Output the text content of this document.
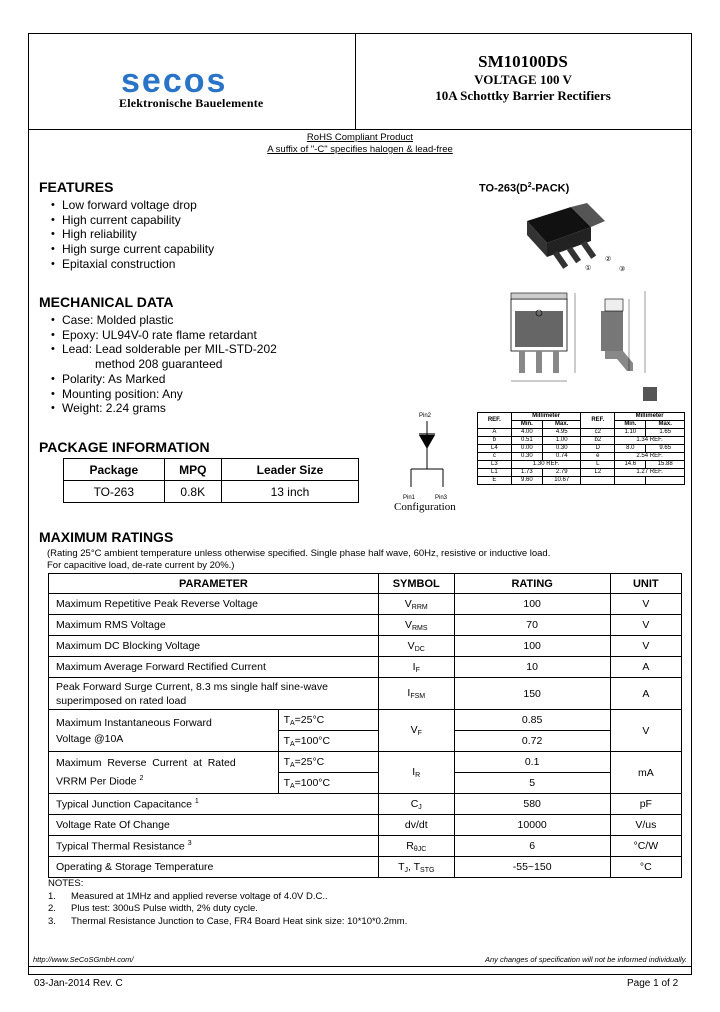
secos
Elektronische Bauelemente
SM10100DS
VOLTAGE 100 V
10A Schottky Barrier Rectifiers
RoHS Compliant Product
A suffix of "-C" specifies halogen & lead-free
FEATURES
• Low forward voltage drop
• High current capability
• High reliability
• High surge current capability
• Epitaxial construction
MECHANICAL DATA
• Case: Molded plastic
• Epoxy: UL94V-0 rate flame retardant
• Lead: Lead solderable per MIL-STD-202
method 208 guaranteed
• Polarity: As Marked
• Mounting position: Any
• Weight: 2.24 grams
PACKAGE INFORMATION
Package	MPQ	Leader Size
TO-263	0.8K	13 inch
$TO-263(D^2-PACK)$
①
②
③
REF.	Millimeter		REF.	Millimeter	
	Min.	Max.		Min.	Max.
A	4.00	4.95	c2	1.10	1.65
b	0.51	1.00	b2	1.34 REF.	
L4	0.00	0.30	D	8.0	9.65
c	0.30	0.74	e	2.54 REF.	
L3	1.30 REF.		L	14.6	15.88
L1	1.73	2.79	L2	1.27 REF.	
E	9.60	10.67			
Pin2
Pin1	Pin3
Configuration
MAXIMUM RATINGS
(Rating 25°C ambient temperature unless otherwise specified. Single phase half wave, 60Hz, resistive or inductive load.
For capacitive load, de-rate current by 20%.)
PARAMETER		SYMBOL	RATING	UNIT
Maximum Repetitive Peak Reverse Voltage		$V_{RRM}$	100	V
Maximum RMS Voltage		$V_{RMS}$	70	V
Maximum DC Blocking Voltage		$V_{DC}$	100	V
Maximum Average Forward Rectified Current		$I_F$	10	A

Peak Forward Surge Current, 8.3 ms single half sine-wave
superimposed on rated load		$I_{FSM}$	150	A

Maximum Instantaneous Forward
Voltage @10A	$T_A=25^\circ C$	$V_F$	0.85	V
	$T_A=100^\circ C$		0.72	

Maximum  Reverse  Current  at  Rated
VRRM Per Diode $^2$	$T_A=25^\circ C$	$I_R$	0.1	mA
	$T_A=100^\circ C$		5	
Typical Junction Capacitance $^1$		$C_J$	580	pF
Voltage Rate Of Change		dv/dt	10000	V/us
Typical Thermal Resistance $^3$		$R_{\theta JC}$	6	°C/W
Operating & Storage Temperature		$T_J$, $T_{STG}$	-55~150	°C
NOTES:
1. Measured at 1MHz and applied reverse voltage of 4.0V D.C..
2. Plus test: 300uS Pulse width, 2% duty cycle.
3. Thermal Resistance Junction to Case, FR4 Board Heat sink size: 10*10*0.2mm.
http://www.SeCoSGmbH.com/	Any changes of specification will not be informed individually.
03-Jan-2014 Rev. C	Page 1 of 2
